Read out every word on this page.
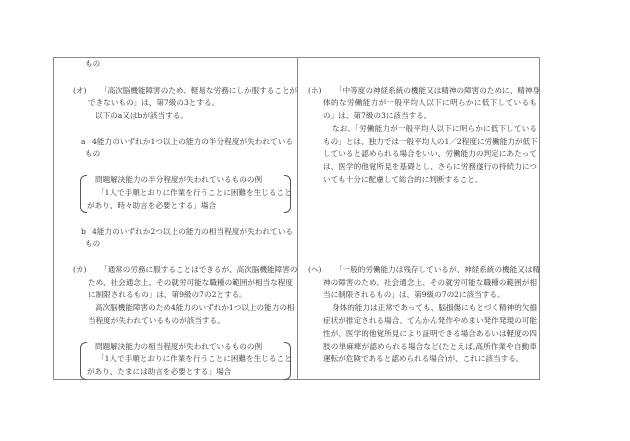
もの
(オ) 「高次脳機能障害のため、軽易な労務にしか服することが
できないもの」は、第7級の3とする。
以下のa又はbが該当する。
a 4能力のいずれか1つ以上の能力の半分程度が失われている
もの
問題解決能力の半分程度が失われているものの例
「1人で手順とおりに作業を行うことに困難を生じること
があり、時々助言を必要とする」場合
b 4能力のいずれか2つ以上の能力の相当程度が失われている
もの
(カ) 「通常の労務に服することはできるが、高次脳機能障害の
ため、社会通念上、その就労可能な職種の範囲が相当な程度
に制限されるもの」は、第9級の7の2とする。
高次脳機能障害のため4能力のいずれか1つ以上の能力の相
当程度が失われているものが該当する。
問題解決能力の相当程度が失われているものの例
「1人で手順とおりに作業を行うことに困難を生じること
があり、たまには助言を必要とする」場合
(ホ) 「中等度の神経系統の機能又は精神の障害のために、精神身
体的な労働能力が一般平均人以下に明らかに低下しているも
の」は、第7級の3に該当する。
なお、「労働能力が一般平均人以下に明らかに低下している
もの」とは、独力では一般平均人の1／2程度に労働能力が低下
していると認められる場合をいい、労働能力の判定にあたって
は、医学的他覚所見を基礎とし、さらに労務遂行の持続力につ
いても十分に配慮して総合的に判断すること。
(ヘ) 「一般的労働能力は残存しているが、神経系統の機能又は精
神の障害のため、社会通念上、その就労可能な職種の範囲が相
当に制限されるもの」は、第9級の7の2に該当する。
身体的能力は正常であっても、脳損傷にもとづく精神的欠損
症状が推定される場合、てんかん発作やめまい発作発現の可能
性が、医学的他覚所見により証明できる場合あるいは軽度の四
肢の単麻痺が認められる場合など(たとえば,高所作業や自動車
運転が危険であると認められる場合)が、これに該当する。
